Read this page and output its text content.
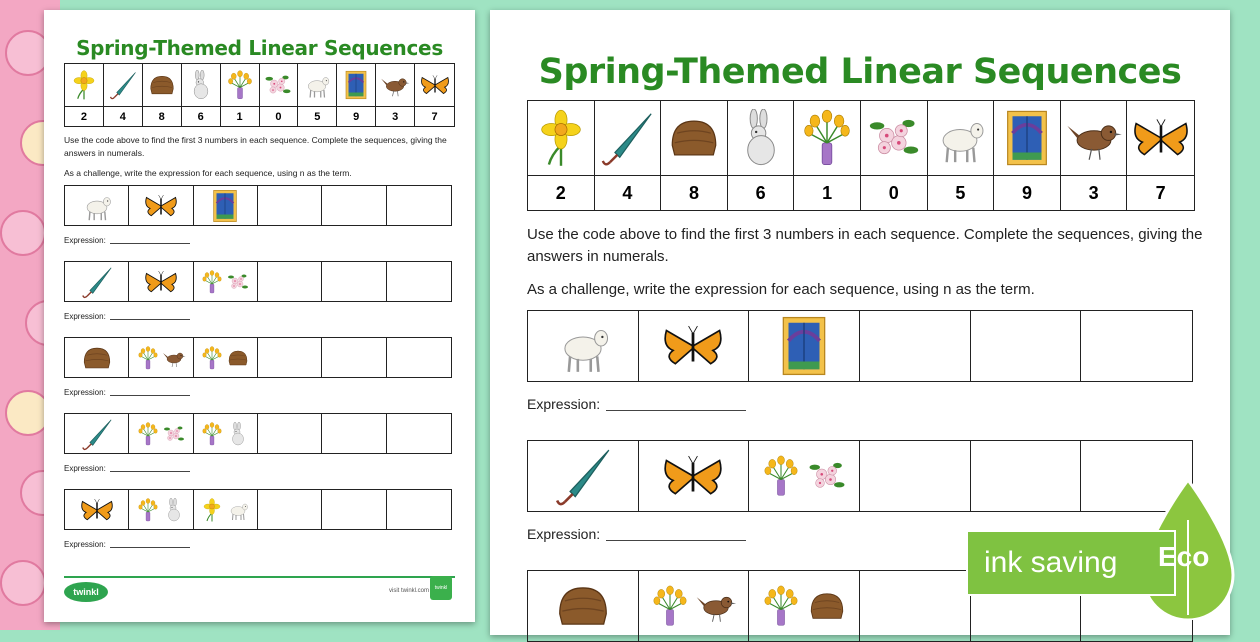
Spring-Themed Linear Sequences
2	4	8	6	1	0	5	9	3	7
Use the code above to find the first 3 numbers in each sequence. Complete the sequences, giving the answers in numerals.
As a challenge, write the expression for each sequence, using n as the term.
Expression:
Expression:
Expression:
Expression:
Expression:
twinkl	visit twinkl.com	twinkl
Spring-Themed Linear Sequences
2	4	8	6	1	0	5	9	3	7
Use the code above to find the first 3 numbers in each sequence. Complete the sequences, giving the answers in numerals.
As a challenge, write the expression for each sequence, using n as the term.
Expression:
Expression:
ink saving Eco
